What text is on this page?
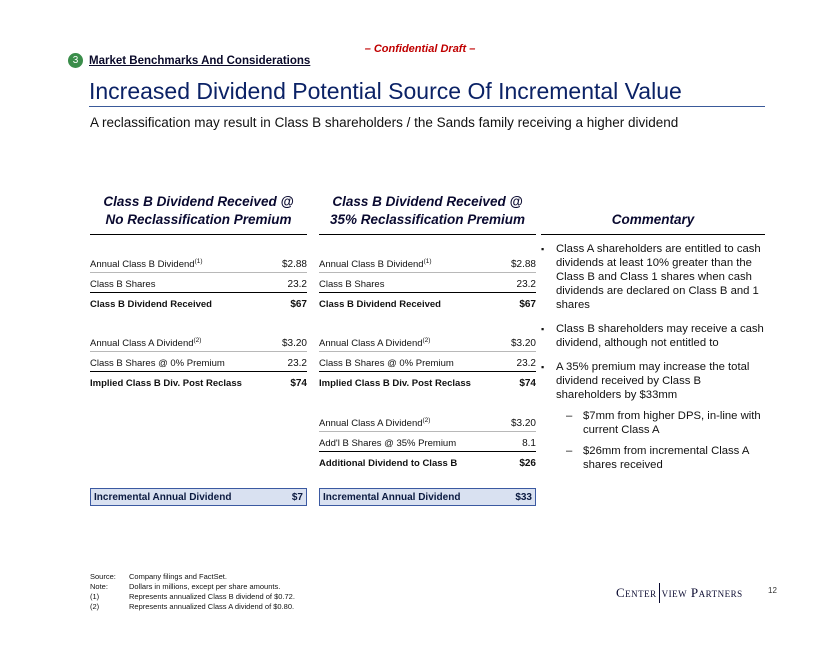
– Confidential Draft –
3 Market Benchmarks And Considerations
Increased Dividend Potential Source Of Incremental Value
A reclassification may result in Class B shareholders / the Sands family receiving a higher dividend
Class B Dividend Received @
No Reclassification Premium
Class B Dividend Received @
35% Reclassification Premium	Commentary
Annual Class B Dividend$^{(1)}$	$2.88
Class B Shares	23.2
Class B Dividend Received	$67
Annual Class A Dividend$^{(2)}$	$3.20
Class B Shares @ 0% Premium	23.2
Implied Class B Div. Post Reclass	$74
Incremental Annual Dividend	$7
Annual Class B Dividend$^{(1)}$	$2.88
Class B Shares	23.2
Class B Dividend Received	$67
Annual Class A Dividend$^{(2)}$	$3.20
Class B Shares @ 0% Premium	23.2
Implied Class B Div. Post Reclass	$74
Annual Class A Dividend$^{(2)}$	$3.20
Add'l B Shares @ 35% Premium	8.1
Additional Dividend to Class B	$26
Incremental Annual Dividend	$33
▪ Class A shareholders are entitled to cash dividends at least 10% greater than the Class B and Class 1 shares when cash dividends are declared on Class B and 1 shares
▪ Class B shareholders may receive a cash dividend, although not entitled to
▪ A 35% premium may increase the total dividend received by Class B shareholders by $33mm
– $7mm from higher DPS, in-line with current Class A
– $26mm from incremental Class A shares received
Source:	Company filings and FactSet.
Note:	Dollars in millions, except per share amounts.
(1)	Represents annualized Class B dividend of $0.72.
(2)	Represents annualized Class A dividend of $0.80.
Center view Partners	12
